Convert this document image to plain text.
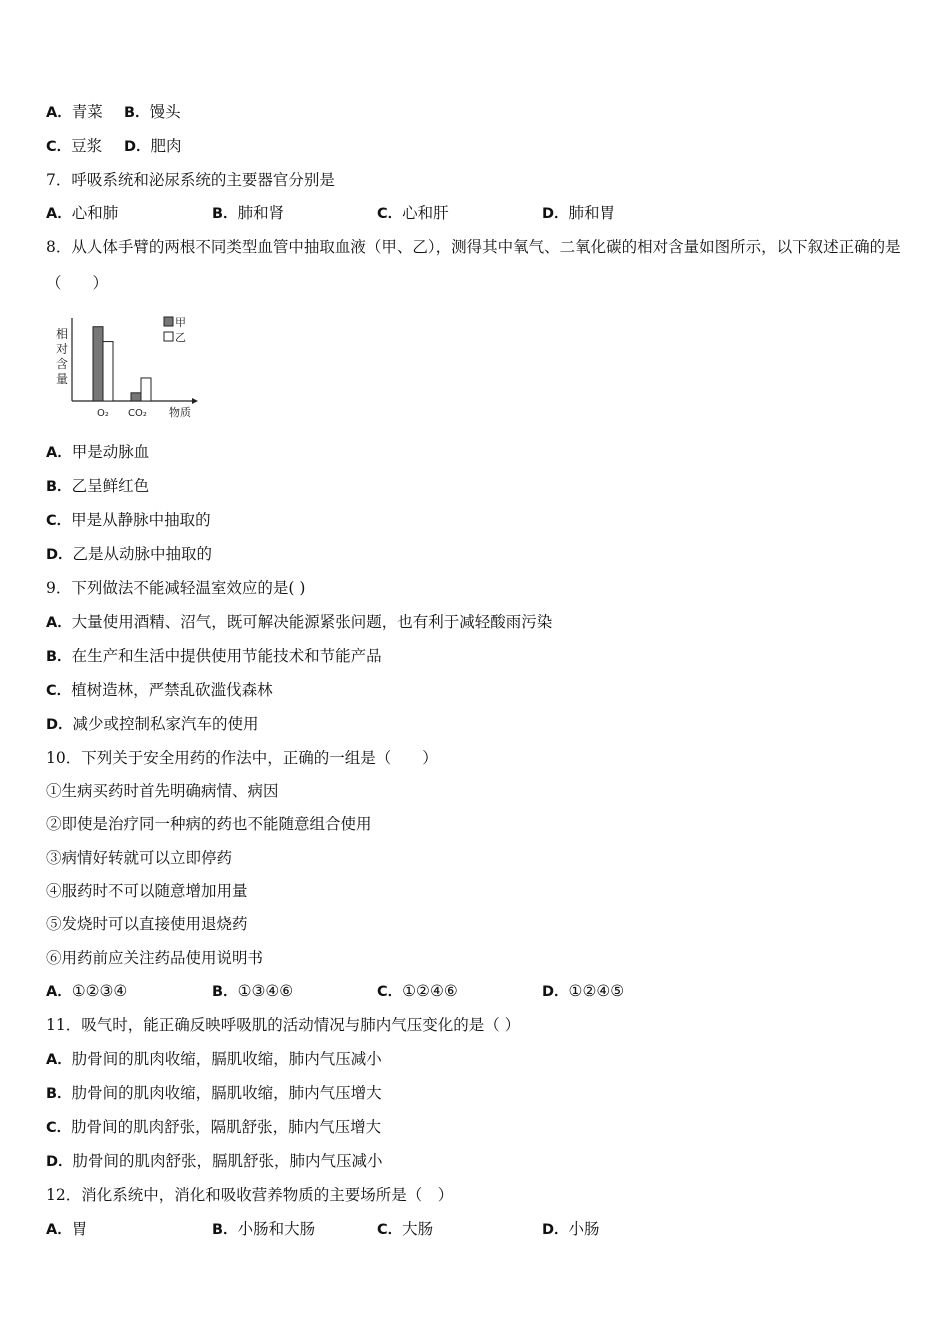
A．青菜 B．馒头
C．豆浆 D．肥肉
7．呼吸系统和泌尿系统的主要器官分别是
A．心和肺	B．肺和肾	C．心和肝	D．肺和胃
8．从人体手臂的两根不同类型血管中抽取血液（甲、乙），测得其中氧气、二氧化碳的相对含量如图所示，以下叙述正确的是（　　）
相
对
含
量
O₂ CO₂ 物质
甲
乙
A．甲是动脉血
B．乙呈鲜红色
C．甲是从静脉中抽取的
D．乙是从动脉中抽取的
9．下列做法不能减轻温室效应的是( )
A．大量使用酒精、沼气，既可解决能源紧张问题，也有利于减轻酸雨污染
B．在生产和生活中提供使用节能技术和节能产品
C．植树造林，严禁乱砍滥伐森林
D．减少或控制私家汽车的使用
10．下列关于安全用药的作法中，正确的一组是（　　）
①生病买药时首先明确病情、病因
②即使是治疗同一种病的药也不能随意组合使用
③病情好转就可以立即停药
④服药时不可以随意增加用量
⑤发烧时可以直接使用退烧药
⑥用药前应关注药品使用说明书
A．①②③④	B．①③④⑥	C．①②④⑥	D．①②④⑤
11．吸气时，能正确反映呼吸肌的活动情况与肺内气压变化的是（ ）
A．肋骨间的肌肉收缩，膈肌收缩，肺内气压减小
B．肋骨间的肌肉收缩，膈肌收缩，肺内气压增大
C．肋骨间的肌肉舒张，隔肌舒张，肺内气压增大
D．肋骨间的肌肉舒张，膈肌舒张，肺内气压减小
12．消化系统中，消化和吸收营养物质的主要场所是（　）
A．胃	B．小肠和大肠	C．大肠	D．小肠
